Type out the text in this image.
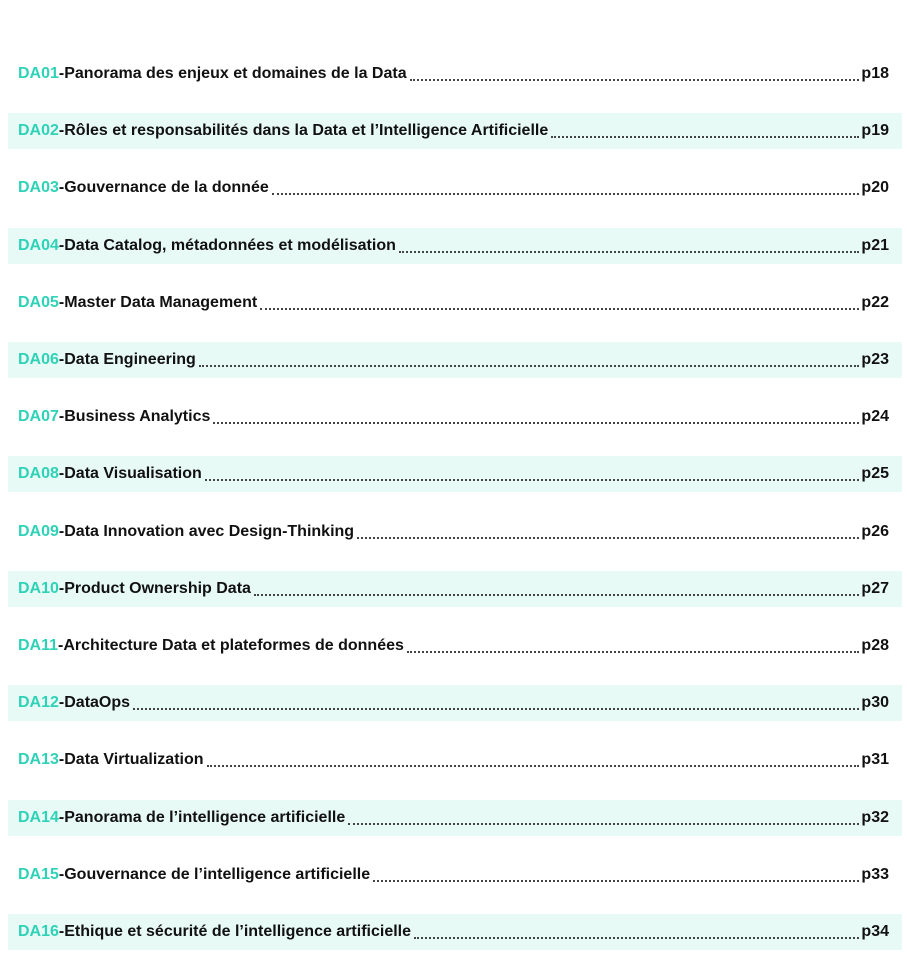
DA01 - Panorama des enjeux et domaines de la Data	p18
DA02 - Rôles et responsabilités dans la Data et l’Intelligence Artificielle	p19
DA03 - Gouvernance de la donnée	p20
DA04 - Data Catalog, métadonnées et modélisation	p21
DA05 - Master Data Management	p22
DA06 - Data Engineering	p23
DA07 - Business Analytics	p24
DA08 - Data Visualisation	p25
DA09 - Data Innovation avec Design-Thinking	p26
DA10 - Product Ownership Data	p27
DA11 - Architecture Data et plateformes de données	p28
DA12 - DataOps	p30
DA13 - Data Virtualization	p31
DA14 - Panorama de l’intelligence artificielle	p32
DA15 - Gouvernance de l’intelligence artificielle	p33
DA16 - Ethique et sécurité de l’intelligence artificielle	p34
